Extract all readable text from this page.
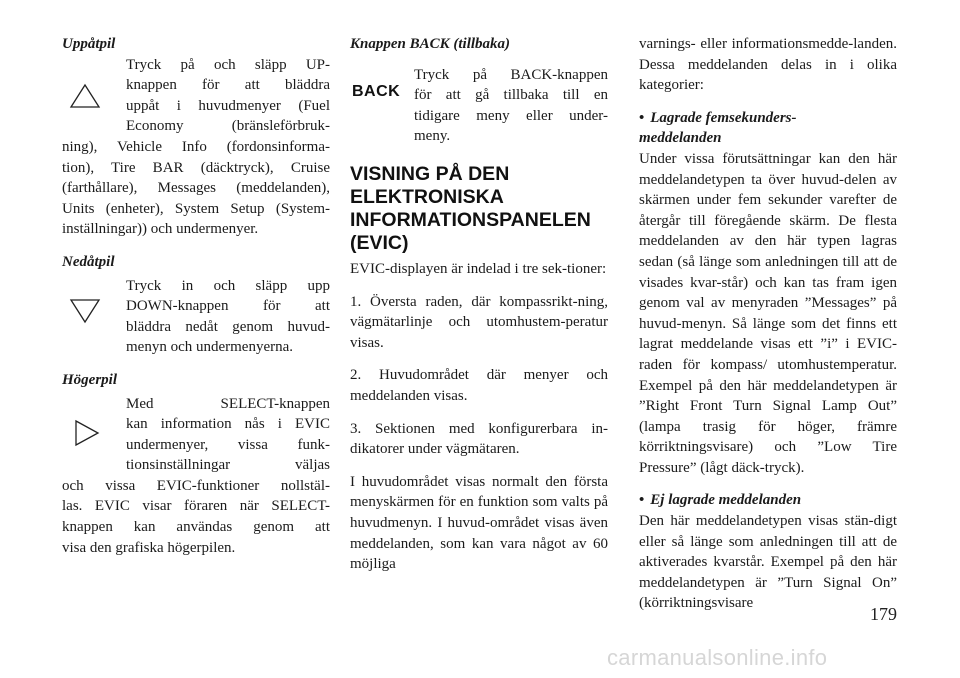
Uppåtpil

Tryck på och släpp UP-

knappen för att bläddra

uppåt i huvudmenyer (Fuel

Economy (bränsleförbruk-

ning), Vehicle Info (fordonsinforma-

tion), Tire BAR (däcktryck), Cruise

(farthållare), Messages (meddelanden),

Units (enheter), System Setup (System-

inställningar)) och undermenyer.

Nedåtpil

Tryck in och släpp upp

DOWN-knappen för att

bläddra nedåt genom huvud-

menyn och undermenyerna.

Högerpil

Med SELECT-knappen

kan information nås i EVIC

undermenyer, vissa funk-

tionsinställningar väljas

och vissa EVIC-funktioner nollstäl-

las. EVIC visar föraren när SELECT-

knappen kan användas genom att

visa den grafiska högerpilen.

Knappen BACK (tillbaka)

BACK

Tryck på BACK-knappen

för att gå tillbaka till en

tidigare meny eller under-

meny.

VISNING PÅ DEN
ELEKTRONISKA
INFORMATIONSPANELEN
(EVIC)

EVIC-displayen är indelad i tre sek-tioner:

1. Översta raden, där kompassrikt-ning, vägmätarlinje och utomhustem-peratur visas.

2. Huvudområdet där menyer och meddelanden visas.

3. Sektionen med konfigurerbara in-dikatorer under vägmätaren.

I huvudområdet visas normalt den första menyskärmen för en funktion som valts på huvudmenyn. I huvud-området visas även meddelanden, som kan vara något av 60 möjliga

varnings- eller informationsmedde-landen. Dessa meddelanden delas in i olika kategorier:

• Lagrade femsekunders-

meddelanden

Under vissa förutsättningar kan den här meddelandetypen ta över huvud-delen av skärmen under fem sekunder varefter de återgår till föregående skärm. De flesta meddelanden av den här typen lagras sedan (så länge som anledningen till att de visades kvar-står) och kan tas fram igen genom val av menyraden ”Messages” på huvud-menyn. Så länge som det finns ett lagrat meddelande visas ett ”i” i EVIC-raden för kompass/ utomhustemperatur. Exempel på den här meddelandetypen är ”Right Front Turn Signal Lamp Out” (lampa trasig för höger, främre körriktningsvisare) och ”Low Tire Pressure” (lågt däck-tryck).

• Ej lagrade meddelanden

Den här meddelandetypen visas stän-digt eller så länge som anledningen till att de aktiverades kvarstår. Exempel på den här meddelandetypen är ”Turn Signal On” (körriktningsvisare

179
carmanualsonline.info
